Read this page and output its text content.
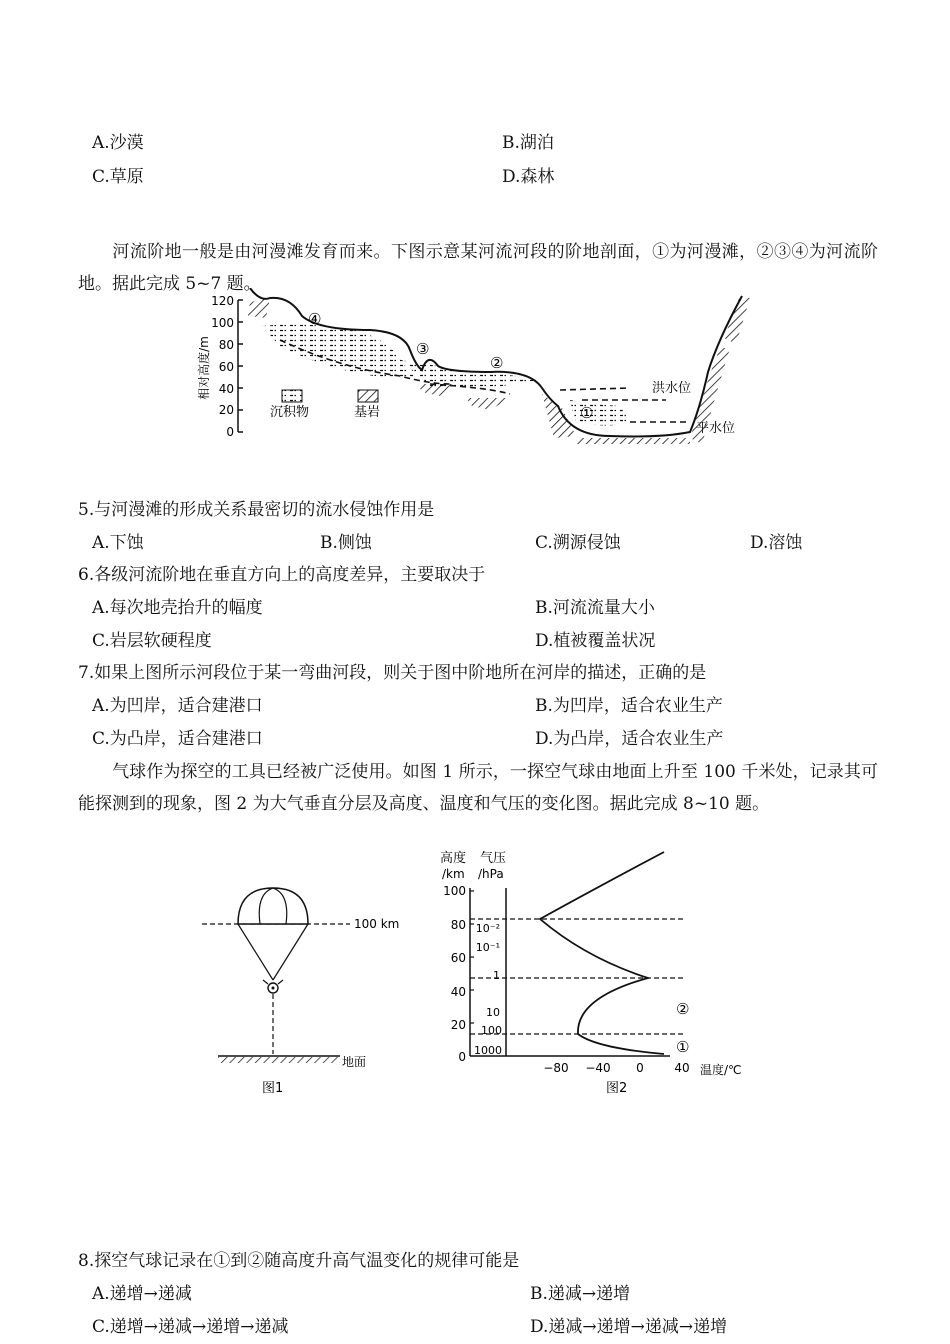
A.沙漠	B.湖泊
C.草原	D.森林
河流阶地一般是由河漫滩发育而来。下图示意某河流河段的阶地剖面，①为河漫滩，②③④为河流阶地。据此完成 5~7 题。
相对高度/m
120
100
80
60
40
20
0
④
③
②
①
洪水位
平水位
沉积物	基岩
5.与河漫滩的形成关系最密切的流水侵蚀作用是
A.下蚀	B.侧蚀	C.溯源侵蚀	D.溶蚀
6.各级河流阶地在垂直方向上的高度差异，主要取决于
A.每次地壳抬升的幅度	B.河流流量大小
C.岩层软硬程度	D.植被覆盖状况
7.如果上图所示河段位于某一弯曲河段，则关于图中阶地所在河岸的描述，正确的是
A.为凹岸，适合建港口	B.为凹岸，适合农业生产
C.为凸岸，适合建港口	D.为凸岸，适合农业生产
气球作为探空的工具已经被广泛使用。如图 1 所示，一探空气球由地面上升至 100 千米处，记录其可能探测到的现象，图 2 为大气垂直分层及高度、温度和气压的变化图。据此完成 8~10 题。
100 km
地面
图1
高度
/km
气压
/hPa
100
80
60
40
20
0
10⁻²
10⁻¹
1
10
100
1000
②
①
−80 −40 0	40 温度/℃
图2
8.探空气球记录在①到②随高度升高气温变化的规律可能是
A.递增→递减	B.递减→递增
C.递增→递减→递增→递减	D.递减→递增→递减→递增
